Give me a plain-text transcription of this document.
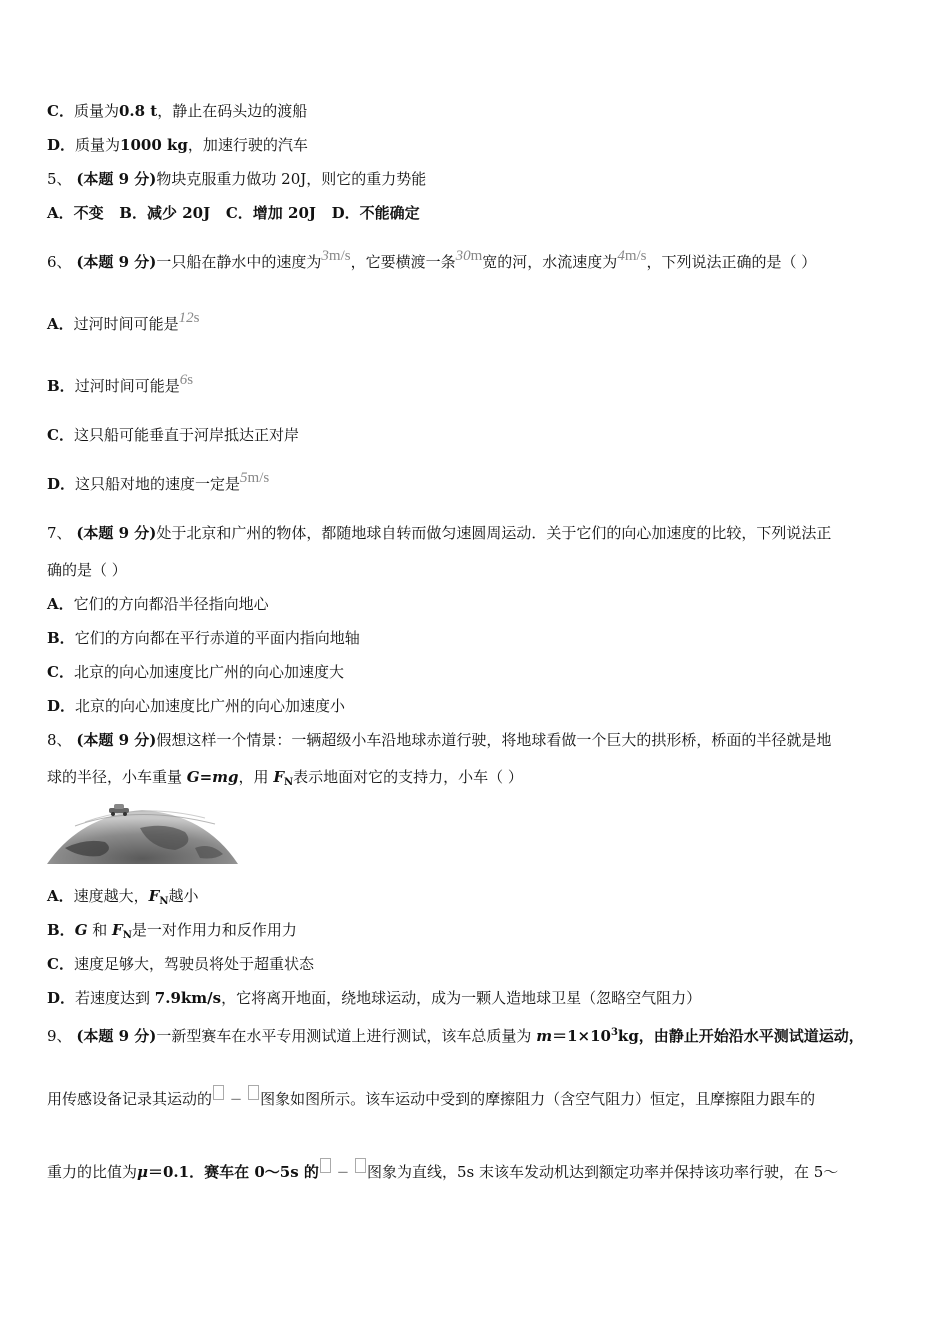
C．质量为0.8 t，静止在码头边的渡船
D．质量为1000 kg，加速行驶的汽车
5、 (本题 9 分)物块克服重力做功 20J，则它的重力势能
A．不变   B．减少 20J   C．增加 20J   D．不能确定
6、 (本题 9 分)一只船在静水中的速度为3m/s，它要横渡一条30m宽的河，水流速度为4m/s，下列说法正确的是（ ）
A．过河时间可能是12s
B．过河时间可能是6s
C．这只船可能垂直于河岸抵达正对岸
D．这只船对地的速度一定是5m/s
7、 (本题 9 分)处于北京和广州的物体，都随地球自转而做匀速圆周运动．关于它们的向心加速度的比较，下列说法正
确的是（ ）
A．它们的方向都沿半径指向地心
B．它们的方向都在平行赤道的平面内指向地轴
C．北京的向心加速度比广州的向心加速度大
D．北京的向心加速度比广州的向心加速度小
8、 (本题 9 分)假想这样一个情景：一辆超级小车沿地球赤道行驶，将地球看做一个巨大的拱形桥，桥面的半径就是地
球的半径，小车重量 G=mg，用 $F_N$表示地面对它的支持力，小车（ ）
A．速度越大，$F_N$越小
B．G 和 $F_N$是一对作用力和反作用力
C．速度足够大，驾驶员将处于超重状态
D．若速度达到 7.9km/s，它将离开地面，绕地球运动，成为一颗人造地球卫星（忽略空气阻力）
9、 (本题 9 分)一新型赛车在水平专用测试道上进行测试，该车总质量为 $m=1\times 10^3kg$，由静止开始沿水平测试道运动，
用传感设备记录其运动的 − 图象如图所示。该车运动中受到的摩擦阻力（含空气阻力）恒定，且摩擦阻力跟车的
重力的比值为μ＝0.1．赛车在 0～5s 的 − 图象为直线，5s 末该车发动机达到额定功率并保持该功率行驶，在 5～
